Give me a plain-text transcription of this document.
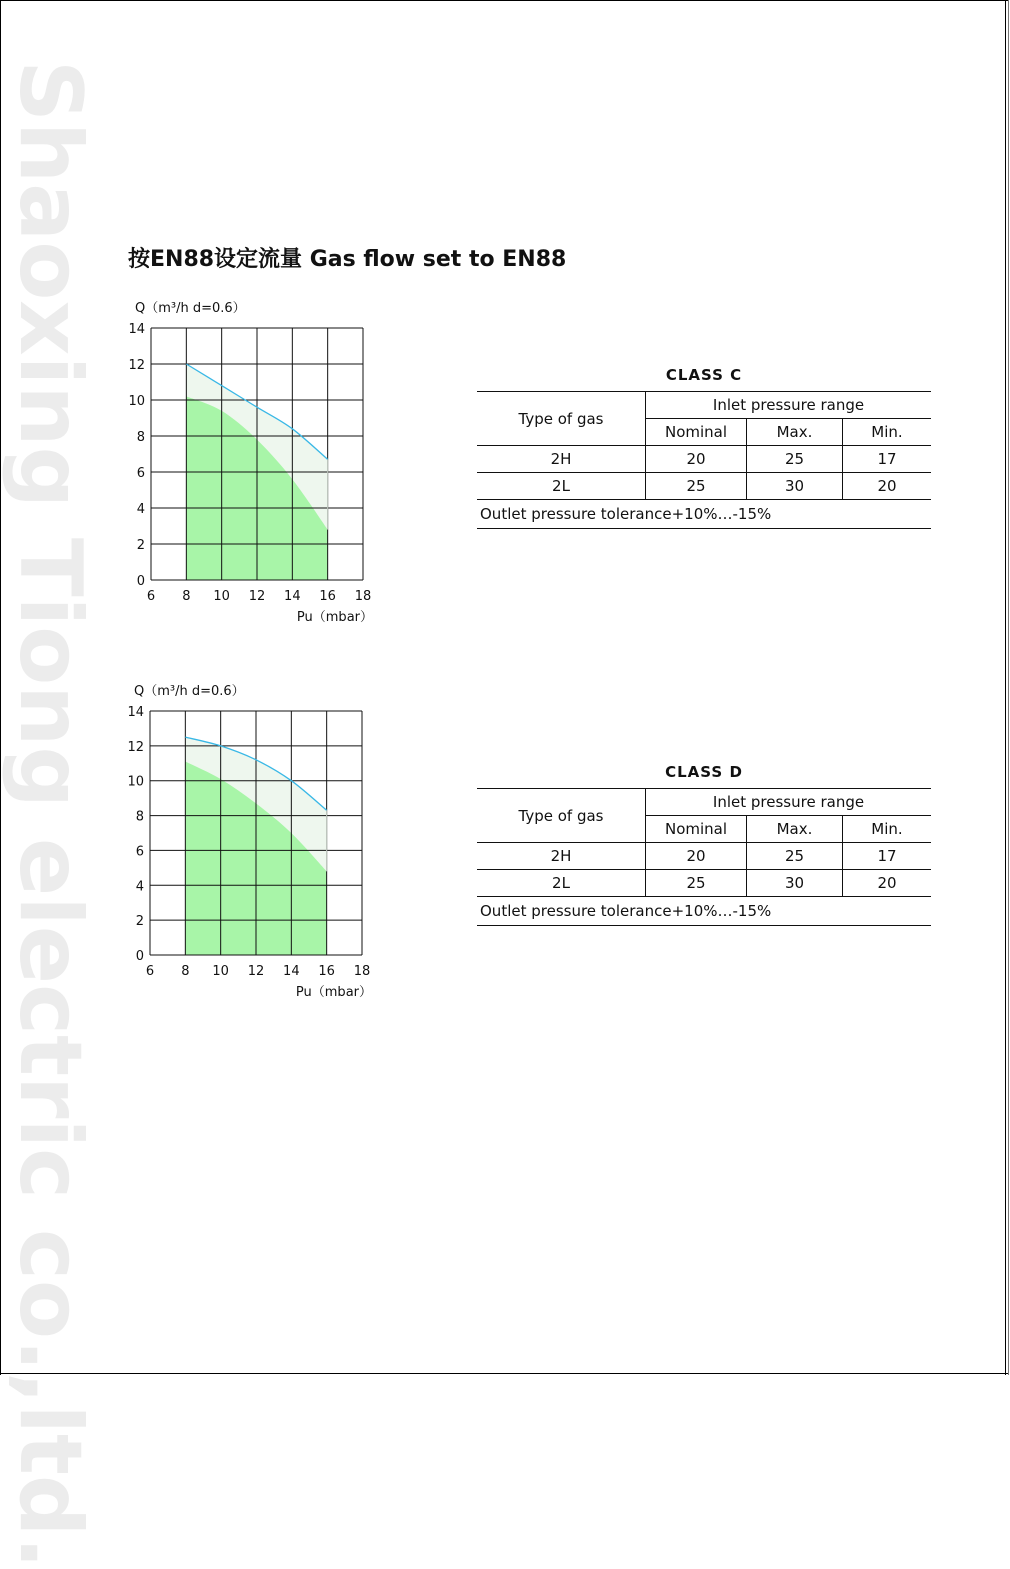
Shaoxing Tiong electric co.,ltd. 按EN88设定流量 Gas flow set to EN88
6 8 10 12 14 16 18
0
2
4
6
8
10
12
14
Q（m³/h d=0.6）
Pu（mbar）
6 8 10 12 14 16 18
0
2
4
6
8
10
12
14
Q（m³/h d=0.6）
Pu（mbar）
CLASS C
Type of gas	Inlet pressure range		
	Nominal	Max.	Min.
2H	20	25	17
2L	25	30	20
Outlet pressure tolerance+10%…-15%			
CLASS D
Type of gas	Inlet pressure range		
	Nominal	Max.	Min.
2H	20	25	17
2L	25	30	20
Outlet pressure tolerance+10%…-15%			
